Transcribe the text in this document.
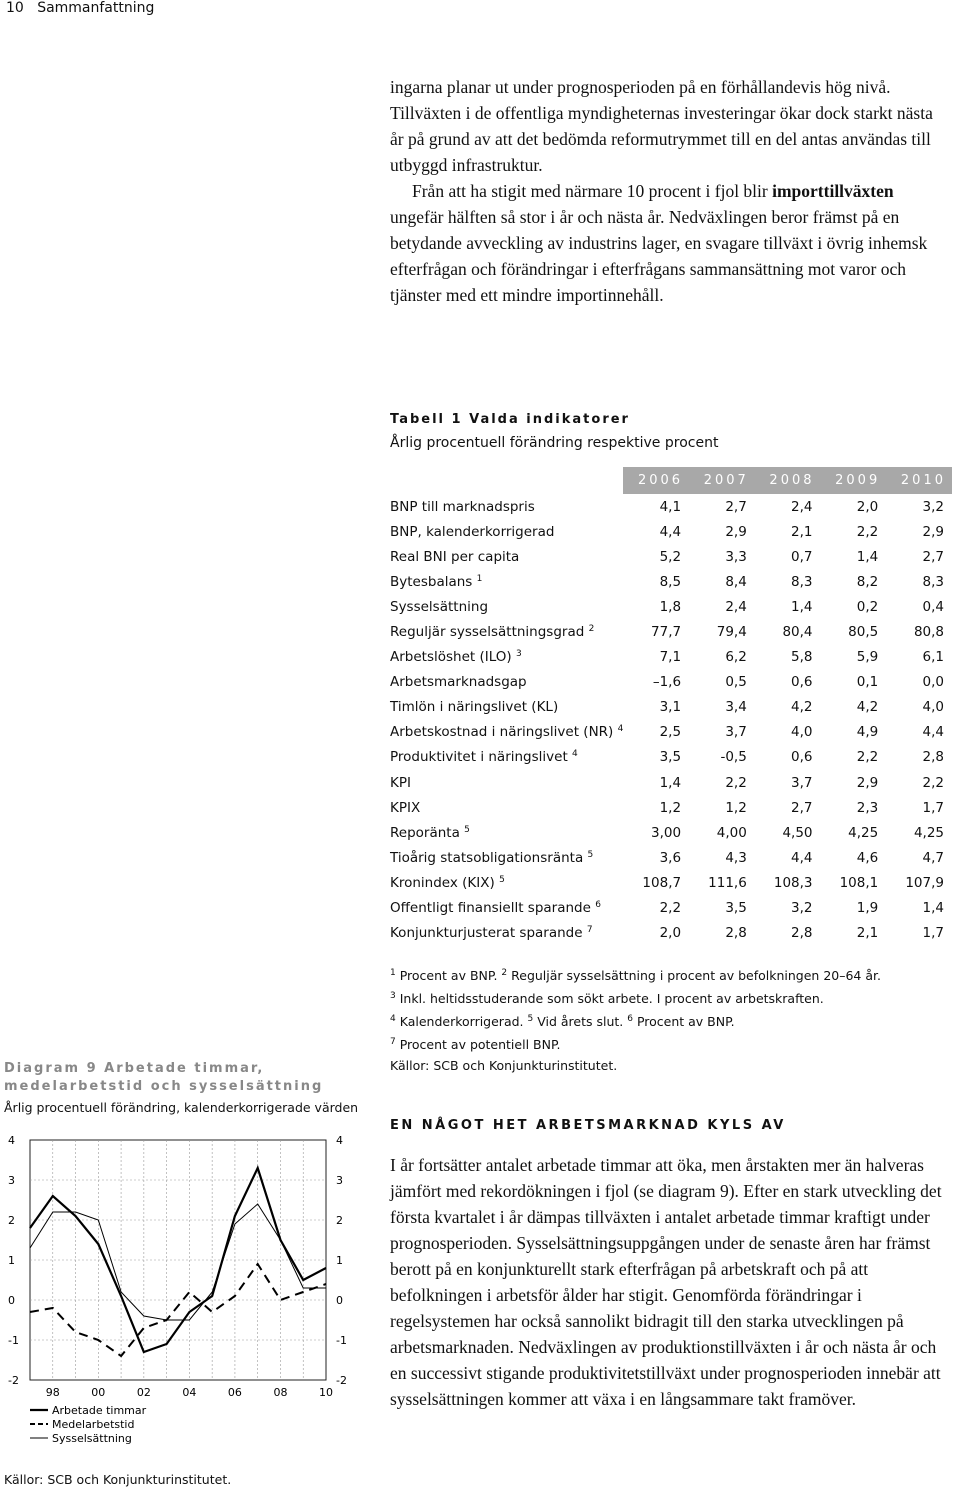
10 Sammanfattning

ingarna planar ut under prognosperioden på en förhållandevis hög nivå. Tillväxten i de offentliga myndigheternas investeringar ökar dock starkt nästa år på grund av att det bedömda reformutrymmet till en del antas användas till utbyggd infrastruktur.

Från att ha stigit med närmare 10 procent i fjol blir importtillväxten ungefär hälften så stor i år och nästa år. Nedväxlingen beror främst på en betydande avveckling av industrins lager, en svagare tillväxt i övrig inhemsk efterfrågan och förändringar i efterfrågans sammansättning mot varor och tjänster med ett mindre importinnehåll.

Tabell 1 Valda indikatorer

Årlig procentuell förändring respektive procent

	2006	2007	2008	2009	2010
BNP till marknadspris	4,1	2,7	2,4	2,0	3,2
BNP, kalenderkorrigerad	4,4	2,9	2,1	2,2	2,9
Real BNI per capita	5,2	3,3	0,7	1,4	2,7
Bytesbalans $^1$	8,5	8,4	8,3	8,2	8,3
Sysselsättning	1,8	2,4	1,4	0,2	0,4
Reguljär sysselsättningsgrad $^2$	77,7	79,4	80,4	80,5	80,8
Arbetslöshet (ILO) $^3$	7,1	6,2	5,8	5,9	6,1
Arbetsmarknadsgap	–1,6	0,5	0,6	0,1	0,0
Timlön i näringslivet (KL)	3,1	3,4	4,2	4,2	4,0
Arbetskostnad i näringslivet (NR) $^4$	2,5	3,7	4,0	4,9	4,4
Produktivitet i näringslivet $^4$	3,5	-0,5	0,6	2,2	2,8
KPI	1,4	2,2	3,7	2,9	2,2
KPIX	1,2	1,2	2,7	2,3	1,7
Reporänta $^5$	3,00	4,00	4,50	4,25	4,25
Tioårig statsobligationsränta $^5$	3,6	4,3	4,4	4,6	4,7
Kronindex (KIX) $^5$	108,7	111,6	108,3	108,1	107,9
Offentligt finansiellt sparande $^6$	2,2	3,5	3,2	1,9	1,4
Konjunkturjusterat sparande $^7$	2,0	2,8	2,8	2,1	1,7

$^1$ Procent av BNP. $^2$ Reguljär sysselsättning i procent av befolkningen 20–64 år.

$^3$ Inkl. heltidsstuderande som sökt arbete. I procent av arbetskraften.

$^4$ Kalenderkorrigerad. $^5$ Vid årets slut. $^6$ Procent av BNP.

$^7$ Procent av potentiell BNP.

Källor: SCB och Konjunkturinstitutet.
EN NÅGOT HET ARBETSMARKNAD KYLS AV

I år fortsätter antalet arbetade timmar att öka, men årstakten mer än halveras jämfört med rekordökningen i fjol (se diagram 9). Efter en stark utveckling det första kvartalet i år dämpas tillväxten i antalet arbetade timmar kraftigt under prognosperioden. Sysselsättningsuppgången under de senaste åren har främst berott på en konjunkturellt stark efterfrågan på arbetskraft och på att befolkningen i arbetsför ålder har stigit. Genomförda förändringar i regelsystemen har också sannolikt bidragit till den starka utvecklingen på arbetsmarknaden. Nedväxlingen av produktionstillväxten i år och nästa år och en successivt stigande produktivitetstillväxt under prognosperioden innebär att sysselsättningen kommer att växa i en långsammare takt framöver.

Diagram 9 Arbetade timmar, medelarbetstid och sysselsättning

Årlig procentuell förändring, kalenderkorrigerade värden

4	4
3	3
2	2
1	1
0	0
-1	-1
-2	-2
98	00	02	04	06	08	10
Arbetade timmar
Medelarbetstid
Sysselsättning
Källor: SCB och Konjunkturinstitutet.
